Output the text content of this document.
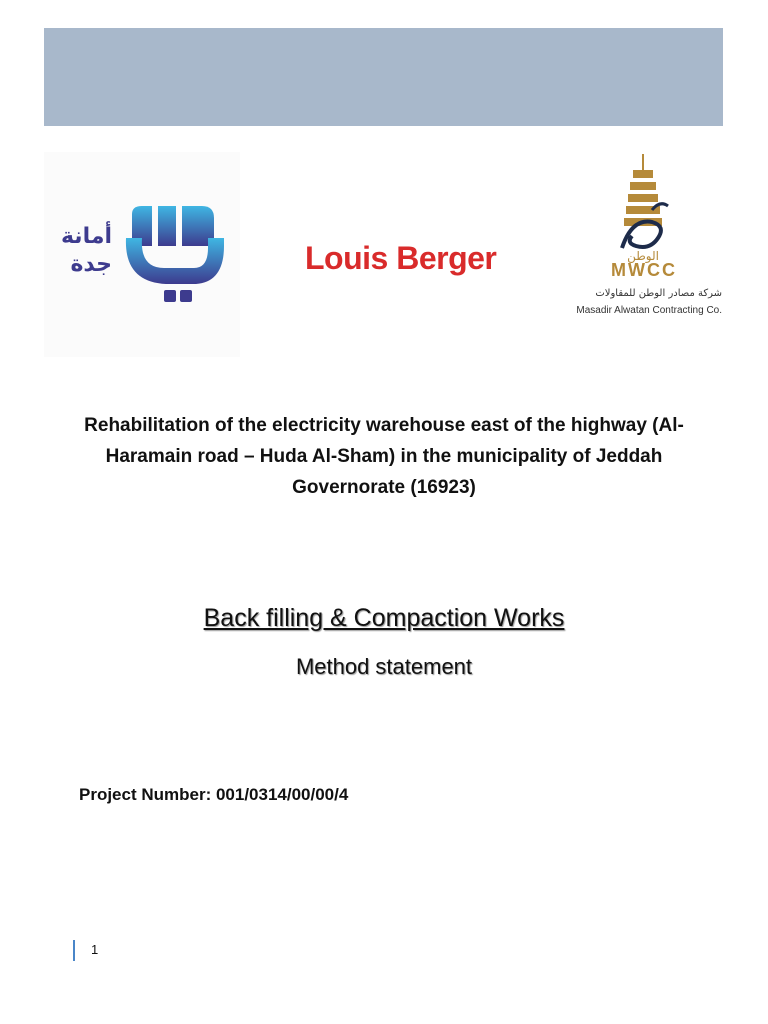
أمانة
جدة	Louis Berger	الوطن
MWCC
شركة مصادر الوطن للمقاولات
Masadir Alwatan Contracting Co.
Rehabilitation of the electricity warehouse east of the highway (Al-Haramain road – Huda Al-Sham) in the municipality of Jeddah Governorate (16923)
Back filling & Compaction Works
Method statement
Project Number: 001/0314/00/00/4
1
